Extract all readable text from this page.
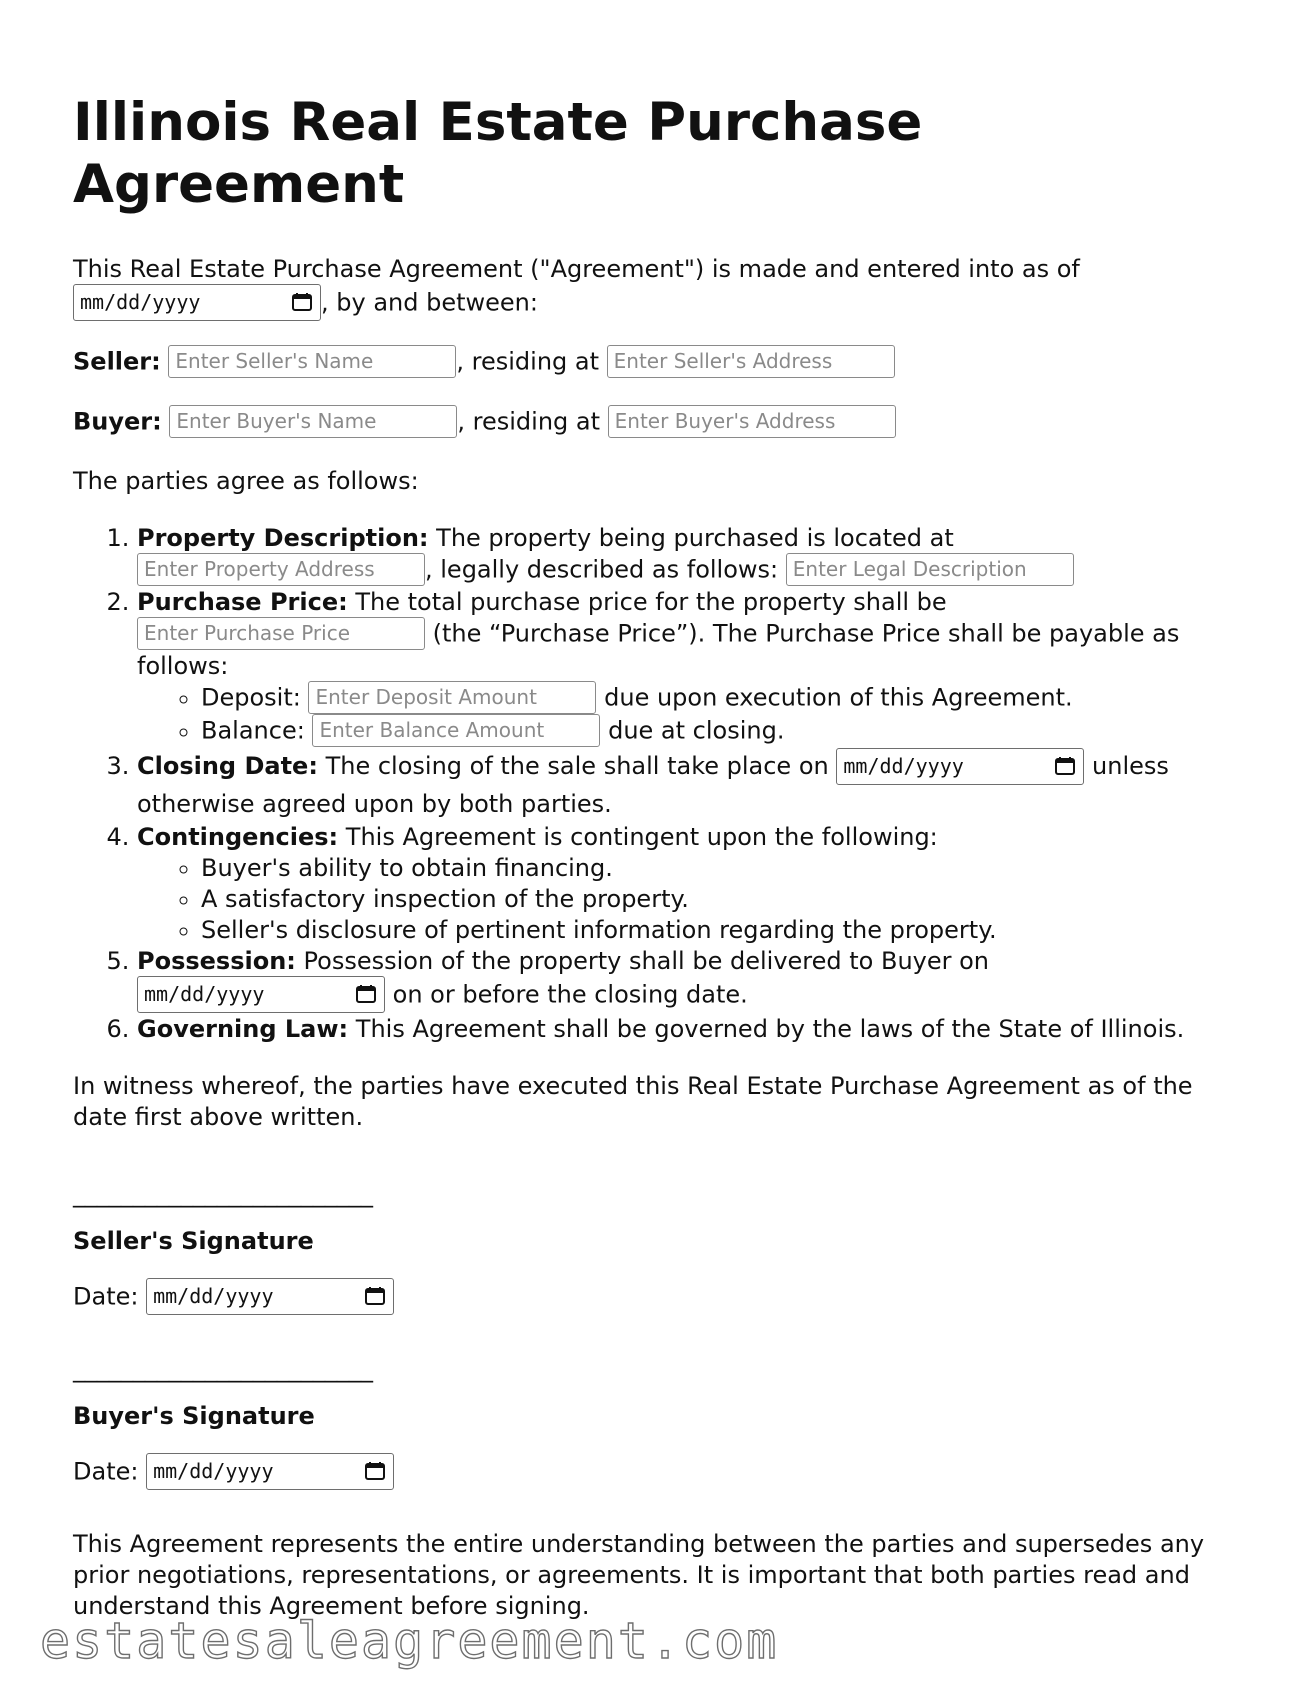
Illinois Real Estate Purchase Agreement

This Real Estate Purchase Agreement ("Agreement") is made and entered into as of
mm/dd/yyyy	, by and between:

Seller: Enter Seller's Name	, residing at Enter Seller's Address

Buyer: Enter Buyer's Name	, residing at Enter Buyer's Address

The parties agree as follows:

1. Property Description: The property being purchased is located at
Enter Property Address , legally described as follows: Enter Legal Description
2. Purchase Price: The total purchase price for the property shall be
Enter Purchase Price	(the “Purchase Price”). The Purchase Price shall be payable as follows:
◦ Deposit: Enter Deposit Amount	due upon execution of this Agreement.
◦ Balance: Enter Balance Amount	due at closing.
3. Closing Date: The closing of the sale shall take place on mm/dd/yyyy	unless otherwise agreed upon by both parties.
4. Contingencies: This Agreement is contingent upon the following:
◦ Buyer's ability to obtain financing.
◦ A satisfactory inspection of the property.
◦ Seller's disclosure of pertinent information regarding the property.
5. Possession: Possession of the property shall be delivered to Buyer on
mm/dd/yyyy	on or before the closing date.
6. Governing Law: This Agreement shall be governed by the laws of the State of Illinois.

In witness whereof, the parties have executed this Real Estate Purchase Agreement as of the date first above written.

_________________________

Seller's Signature

Date: mm/dd/yyyy

_________________________

Buyer's Signature

Date: mm/dd/yyyy

This Agreement represents the entire understanding between the parties and supersedes any prior negotiations, representations, or agreements. It is important that both parties read and understand this Agreement before signing.

estatesaleagreement.com
